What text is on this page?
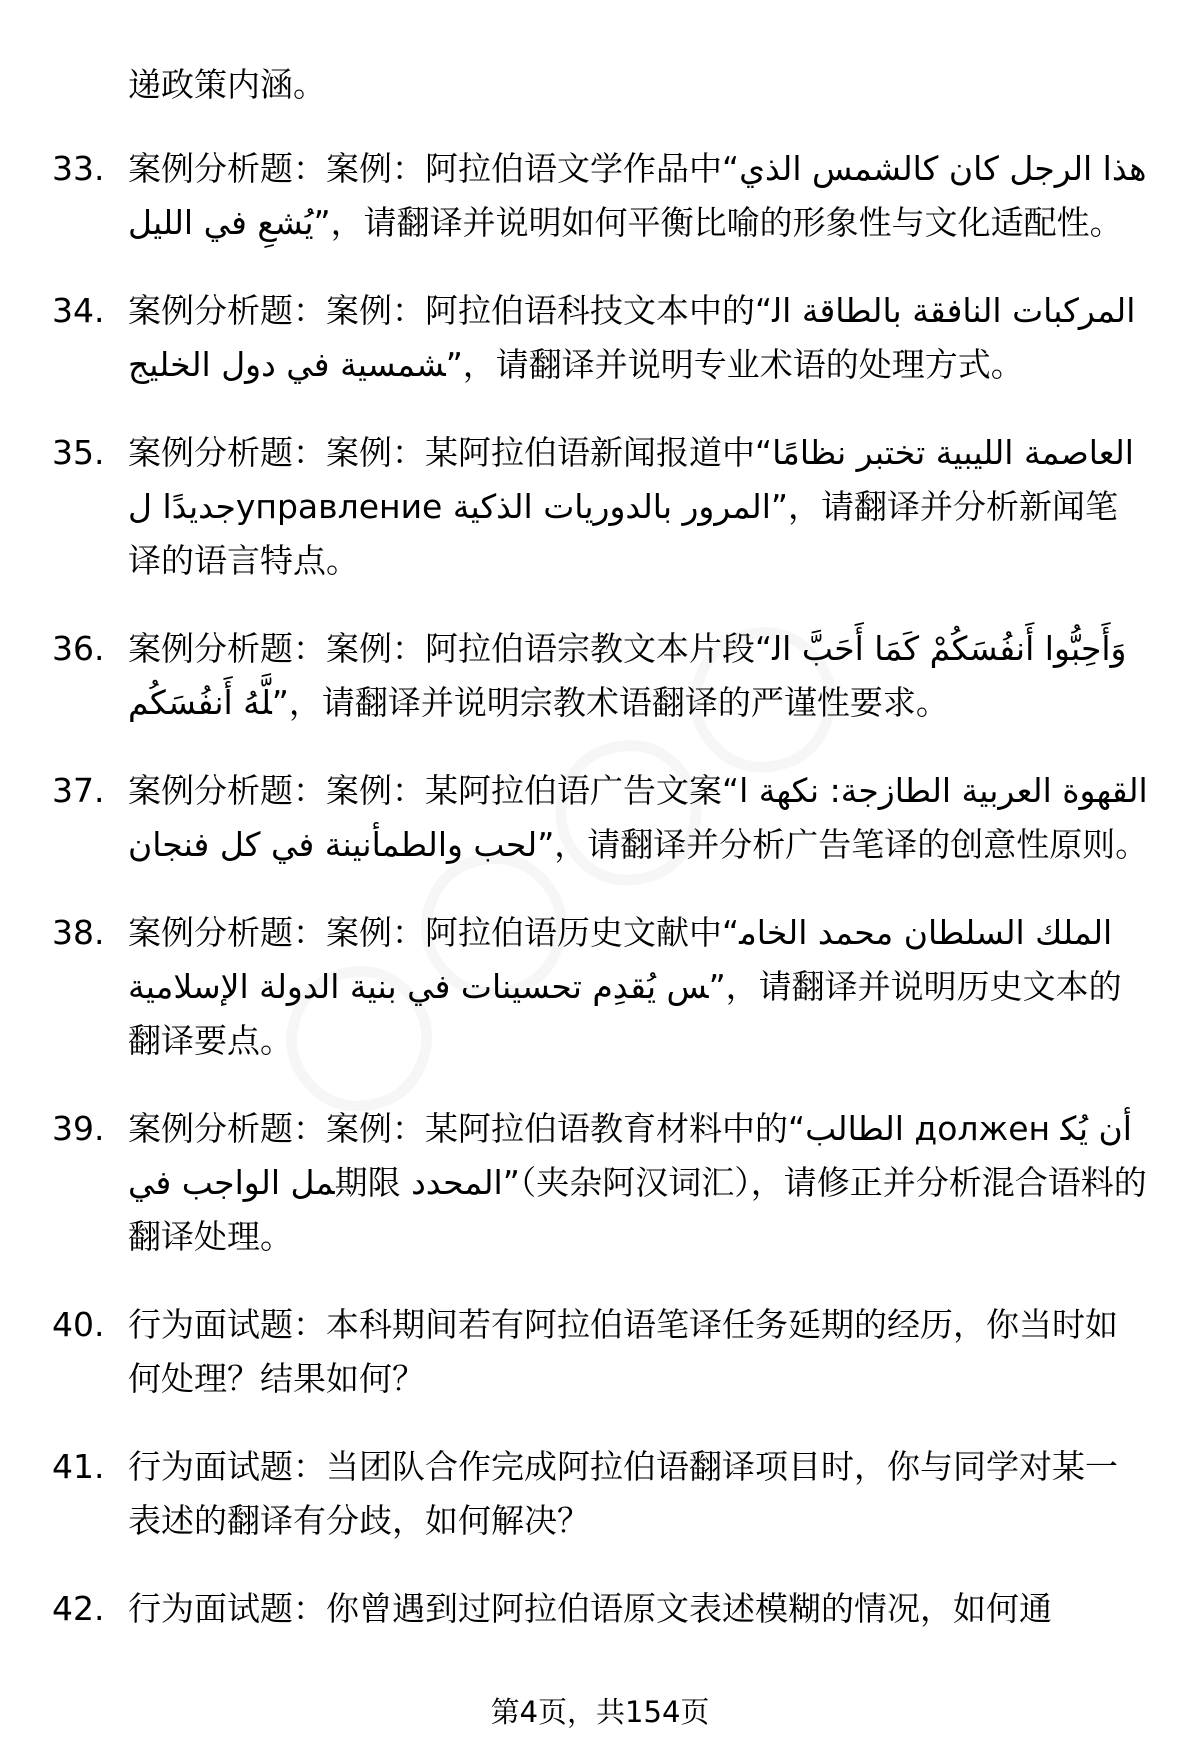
递政策内涵。
33. 案例分析题：案例：阿拉伯语文学作品中“هذا الرجل كان كالشمس الذي يُشعِ في الليل”，请翻译并说明如何平衡比喻的形象性与文化适配性。
34. 案例分析题：案例：阿拉伯语科技文本中的“المركبات النافقة بالطاقة الشمسية في دول الخليج”，请翻译并说明专业术语的处理方式。
35. 案例分析题：案例：某阿拉伯语新闻报道中“العاصمة الليبية تختبر نظامًا جديدًا لуправление المرور بالدوريات الذكية”，请翻译并分析新闻笔译的语言特点。
36. 案例分析题：案例：阿拉伯语宗教文本片段“وَأَحِبُّوا أَنفُسَكُمْ كَمَا أَحَبَّ اللَّهُ أَنفُسَكُم”，请翻译并说明宗教术语翻译的严谨性要求。
37. 案例分析题：案例：某阿拉伯语广告文案“القهوة العربية الطازجة: نكهة الحب والطمأنينة في كل فنجان”，请翻译并分析广告笔译的创意性原则。
38. 案例分析题：案例：阿拉伯语历史文献中“الملك السلطان محمد الخامس يُقدِم تحسينات في بنية الدولة الإسلامية”，请翻译并说明历史文本的翻译要点。
39. 案例分析题：案例：某阿拉伯语教育材料中的“الطالب должен أن يُكمل الواجب في期限 المحدد”（夹杂阿汉词汇），请修正并分析混合语料的翻译处理。
40. 行为面试题：本科期间若有阿拉伯语笔译任务延期的经历，你当时如何处理？结果如何？
41. 行为面试题：当团队合作完成阿拉伯语翻译项目时，你与同学对某一表述的翻译有分歧，如何解决？
42. 行为面试题：你曾遇到过阿拉伯语原文表述模糊的情况，如何通
第4页，共154页
